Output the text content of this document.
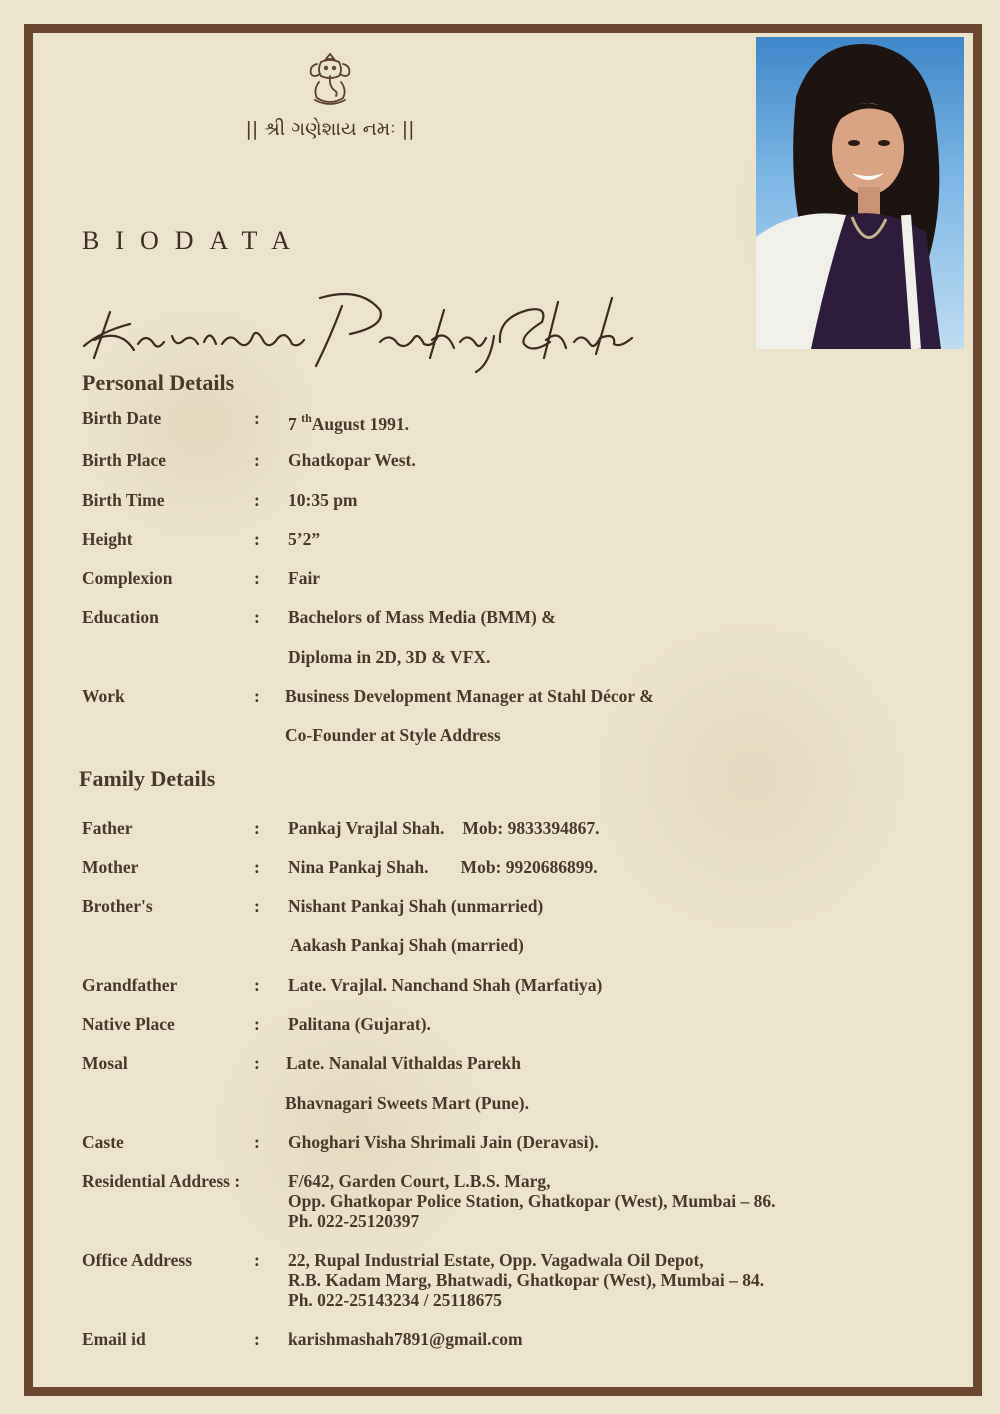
|| શ્રી ગણેશાય નમઃ ||
BIODATA
Personal Details
Birth Date	: 7 $^{th}$August 1991.
Birth Place	: Ghatkopar West.
Birth Time	: 10:35 pm
Height	: 5’2”
Complexion	: Fair
Education	: Bachelors of Mass Media (BMM) &
Diploma in 2D, 3D & VFX.
Work	: Business Development Manager at Stahl Décor &
Co-Founder at Style Address
Family Details
Father	: Pankaj Vrajlal Shah. Mob: 9833394867.
Mother	: Nina Pankaj Shah. Mob: 9920686899.
Brother's	: Nishant Pankaj Shah (unmarried)
Aakash Pankaj Shah (married)
Grandfather	: Late. Vrajlal. Nanchand Shah (Marfatiya)
Native Place	: Palitana (Gujarat).
Mosal	: Late. Nanalal Vithaldas Parekh
Bhavnagari Sweets Mart (Pune).
Caste	: Ghoghari Visha Shrimali Jain (Deravasi).
Residential Address :	F/642, Garden Court, L.B.S. Marg,
Opp. Ghatkopar Police Station, Ghatkopar (West), Mumbai – 86.
Ph. 022-25120397
Office Address	: 22, Rupal Industrial Estate, Opp. Vagadwala Oil Depot,
R.B. Kadam Marg, Bhatwadi, Ghatkopar (West), Mumbai – 84.
Ph. 022-25143234 / 25118675
Email id	: karishmashah7891@gmail.com
